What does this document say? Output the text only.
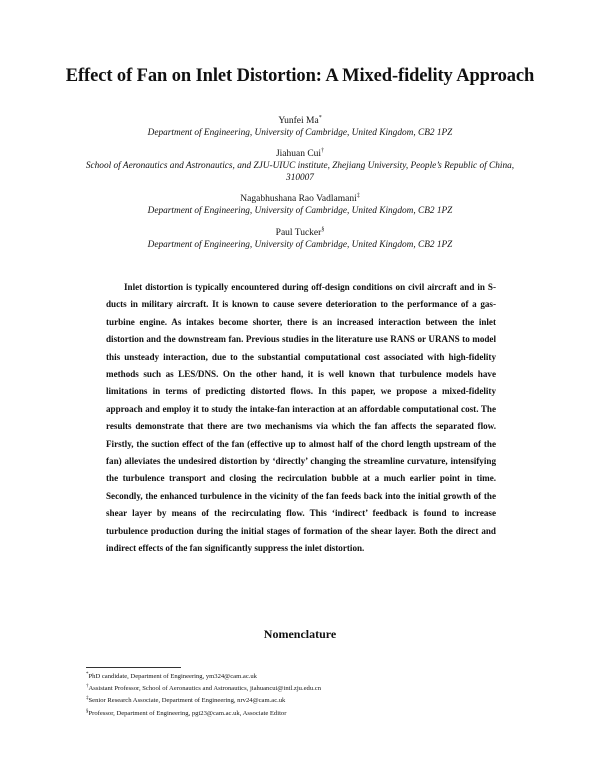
Effect of Fan on Inlet Distortion: A Mixed-fidelity Approach
Yunfei Ma*
Department of Engineering, University of Cambridge, United Kingdom, CB2 1PZ
Jiahuan Cui†
School of Aeronautics and Astronautics, and ZJU-UIUC institute, Zhejiang University, People’s Republic of China,
310007
Nagabhushana Rao Vadlamani‡
Department of Engineering, University of Cambridge, United Kingdom, CB2 1PZ
Paul Tucker§
Department of Engineering, University of Cambridge, United Kingdom, CB2 1PZ

Inlet distortion is typically encountered during off-design conditions on civil aircraft and in S-ducts in military aircraft. It is known to cause severe deterioration to the performance of a gas-turbine engine. As intakes become shorter, there is an increased interaction between the inlet distortion and the downstream fan. Previous studies in the literature use RANS or URANS to model this unsteady interaction, due to the substantial computational cost associated with high-fidelity methods such as LES/DNS. On the other hand, it is well known that turbulence models have limitations in terms of predicting distorted flows. In this paper, we propose a mixed-fidelity approach and employ it to study the intake-fan interaction at an affordable computational cost. The results demonstrate that there are two mechanisms via which the fan affects the separated flow. Firstly, the suction effect of the fan (effective up to almost half of the chord length upstream of the fan) alleviates the undesired distortion by ‘directly’ changing the streamline curvature, intensifying the turbulence transport and closing the recirculation bubble at a much earlier point in time. Secondly, the enhanced turbulence in the vicinity of the fan feeds back into the initial growth of the shear layer by means of the recirculating flow. This ‘indirect’ feedback is found to increase turbulence production during the initial stages of formation of the shear layer. Both the direct and indirect effects of the fan significantly suppress the inlet distortion.

Nomenclature
*PhD candidate, Department of Engineering, ym324@cam.ac.uk
†Assistant Professor, School of Aeronautics and Astronautics, jiahuancui@intl.zju.edu.cn
‡Senior Research Associate, Department of Engineering, nrv24@cam.ac.uk
§Professor, Department of Engineering, pgt23@cam.ac.uk, Associate Editor
